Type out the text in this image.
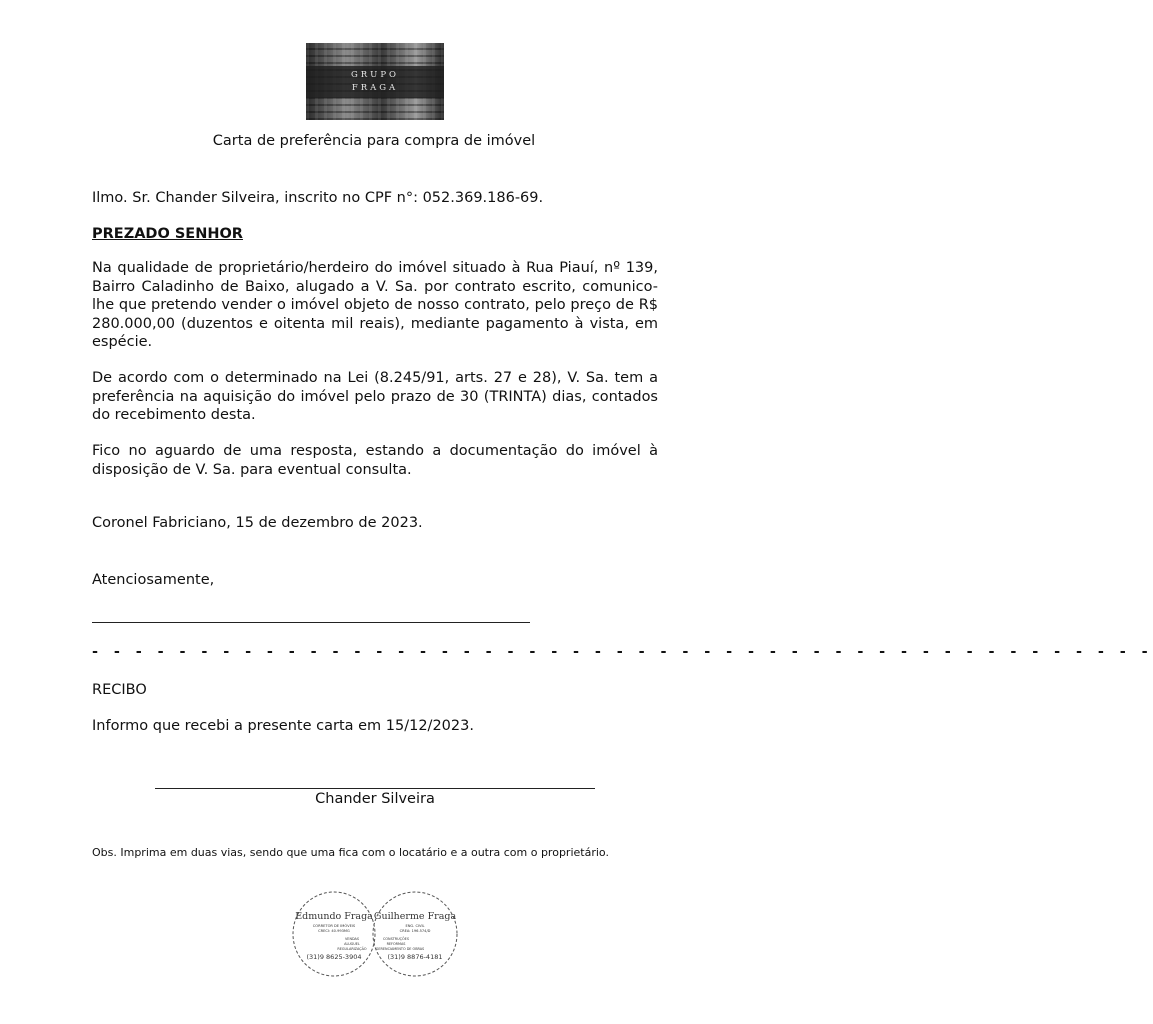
GRUPO
FRAGA
Carta de preferência para compra de imóvel
Ilmo. Sr. Chander Silveira, inscrito no CPF n°: 052.369.186-69.
PREZADO SENHOR
Na qualidade de proprietário/herdeiro do imóvel situado à Rua Piauí, nº 139, Bairro Caladinho de Baixo, alugado a V. Sa. por contrato escrito, comunico-lhe que pretendo vender o imóvel objeto de nosso contrato, pelo preço de R$ 280.000,00 (duzentos e oitenta mil reais), mediante pagamento à vista, em espécie.
De acordo com o determinado na Lei (8.245/91, arts. 27 e 28), V. Sa. tem a preferência na aquisição do imóvel pelo prazo de 30 (TRINTA) dias, contados do recebimento desta.
Fico no aguardo de uma resposta, estando a documentação do imóvel à disposição de V. Sa. para eventual consulta.
Coronel Fabriciano, 15 de dezembro de 2023.
Atenciosamente,
- - - - - - - - - - - - - - - - - - - - - - - - - - - - - - - - - - - - - - - - - - - - - - - - -
RECIBO
Informo que recebi a presente carta em 15/12/2023.
Chander Silveira
Obs. Imprima em duas vias, sendo que uma fica com o locatário e a outra com o proprietário.
Edmundo Fraga
CORRETOR DE IMÓVEIS
CRECI: 40.993MG
VENDAS
ALUGUEL
REGULARIZAÇÃO
(31)9 8625-3904
Guilherme Fraga
ENG. CIVIL
CREA: 196.574/D
CONSTRUÇÕES
REFORMAS
GERENCIAMENTO DE OBRAS
(31)9 8876-4181
